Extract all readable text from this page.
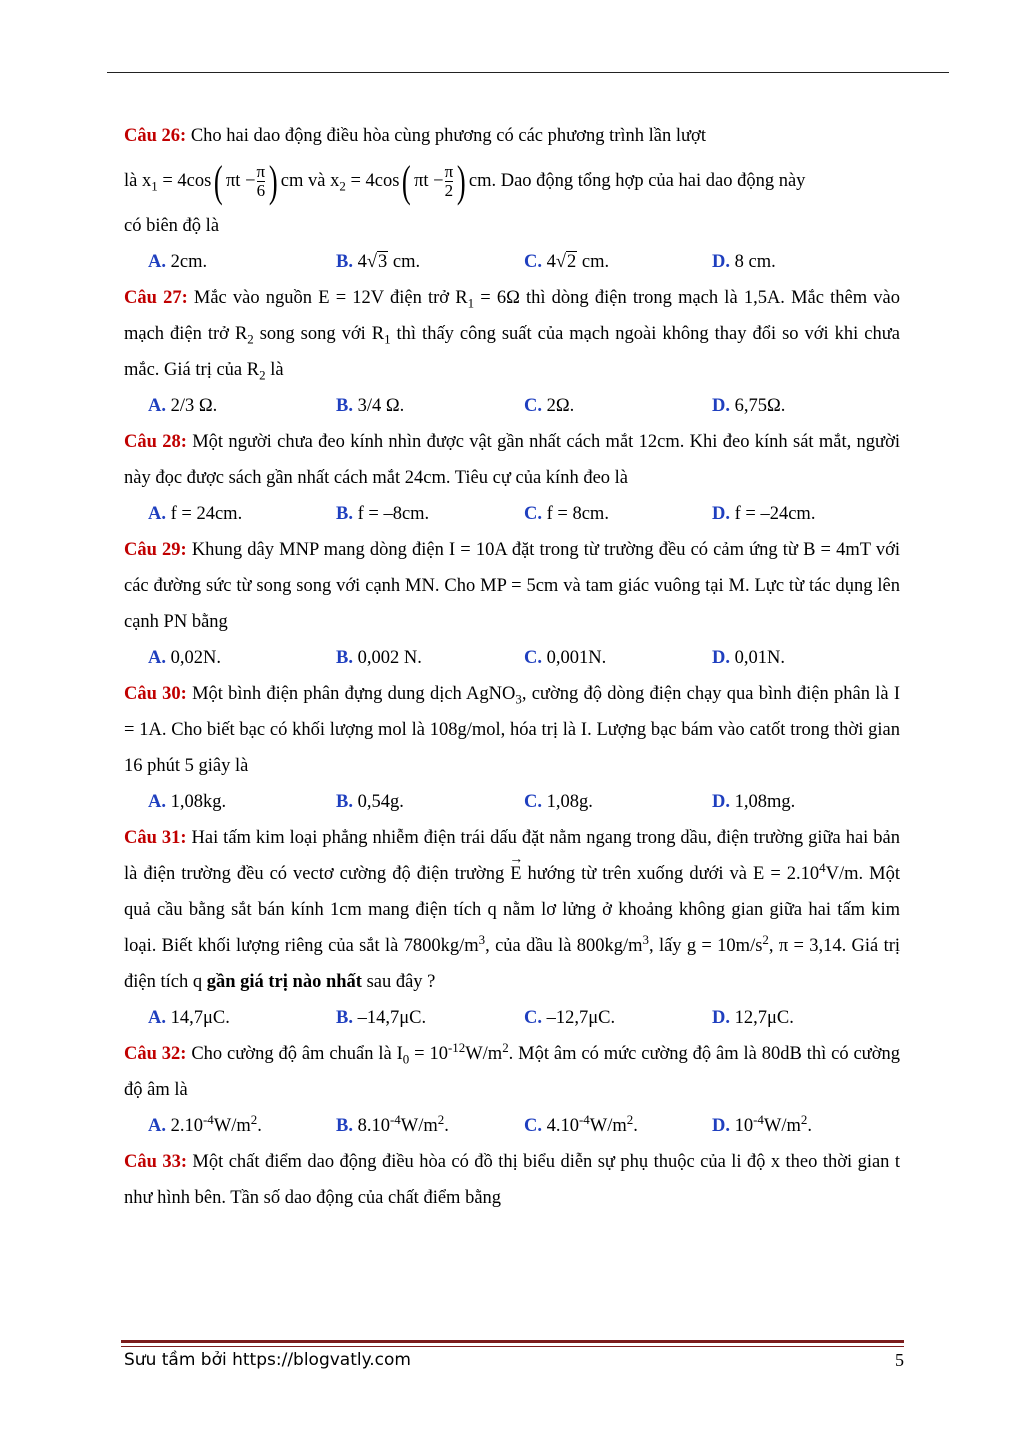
Câu 26: Cho hai dao động điều hòa cùng phương có các phương trình lần lượt
là $x_1 = 4\cos$( $\pi t - \frac{\pi}{6}$ ) cm và $x_2 = 4\cos$( $\pi t - \frac{\pi}{2}$ ) cm. Dao động tổng hợp của hai dao động này
có biên độ là
A. 2cm.	B. 4√3 cm.	C. 4√2 cm.	D. 8 cm.
Câu 27: Mắc vào nguồn E = 12V điện trở $R_1 = 6\Omega$ thì dòng điện trong mạch là 1,5A. Mắc thêm vào mạch điện trở $R_2$ song song với $R_1$ thì thấy công suất của mạch ngoài không thay đổi so với khi chưa mắc. Giá trị của $R_2$ là
A. 2/3 Ω.	B. 3/4 Ω.	C. 2Ω.	D. 6,75Ω.
Câu 28: Một người chưa đeo kính nhìn được vật gần nhất cách mắt 12cm. Khi đeo kính sát mắt, người này đọc được sách gần nhất cách mắt 24cm. Tiêu cự của kính đeo là
A. f = 24cm.	B. f = –8cm.	C. f = 8cm.	D. f = –24cm.
Câu 29: Khung dây MNP mang dòng điện I = 10A đặt trong từ trường đều có cảm ứng từ B = 4mT với các đường sức từ song song với cạnh MN. Cho MP = 5cm và tam giác vuông tại M. Lực từ tác dụng lên cạnh PN bằng
A. 0,02N.	B. 0,002 N.	C. 0,001N.	D. 0,01N.
Câu 30: Một bình điện phân đựng dung dịch AgNO$_3$, cường độ dòng điện chạy qua bình điện phân là I = 1A. Cho biết bạc có khối lượng mol là 108g/mol, hóa trị là I. Lượng bạc bám vào catốt trong thời gian 16 phút 5 giây là
A. 1,08kg.	B. 0,54g.	C. 1,08g.	D. 1,08mg.
Câu 31: Hai tấm kim loại phẳng nhiễm điện trái dấu đặt nằm ngang trong dầu, điện trường giữa hai bản là điện trường đều có vectơ cường độ điện trường → E hướng từ trên xuống dưới và $E = 2.10^4V/m$. Một quả cầu bằng sắt bán kính 1cm mang điện tích q nằm lơ lửng ở khoảng không gian giữa hai tấm kim loại. Biết khối lượng riêng của sắt là $7800kg/m^3$, của dầu là $800kg/m^3$, lấy $g = 10m/s^2$, π = 3,14. Giá trị điện tích q gần giá trị nào nhất sau đây ?
A. 14,7μC.	B. –14,7μC.	C. –12,7μC.	D. 12,7μC.
Câu 32: Cho cường độ âm chuẩn là $I_0 = 10^{-12}W/m^2$. Một âm có mức cường độ âm là 80dB thì có cường độ âm là
A. $2.10^{-4}W/m^2$.	B. $8.10^{-4}W/m^2$.	C. $4.10^{-4}W/m^2$.	D. $10^{-4}W/m^2$.
Câu 33: Một chất điểm dao động điều hòa có đồ thị biểu diễn sự phụ thuộc của li độ x theo thời gian t như hình bên. Tần số dao động của chất điểm bằng
Sưu tầm bởi https://blogvatly.com	5
